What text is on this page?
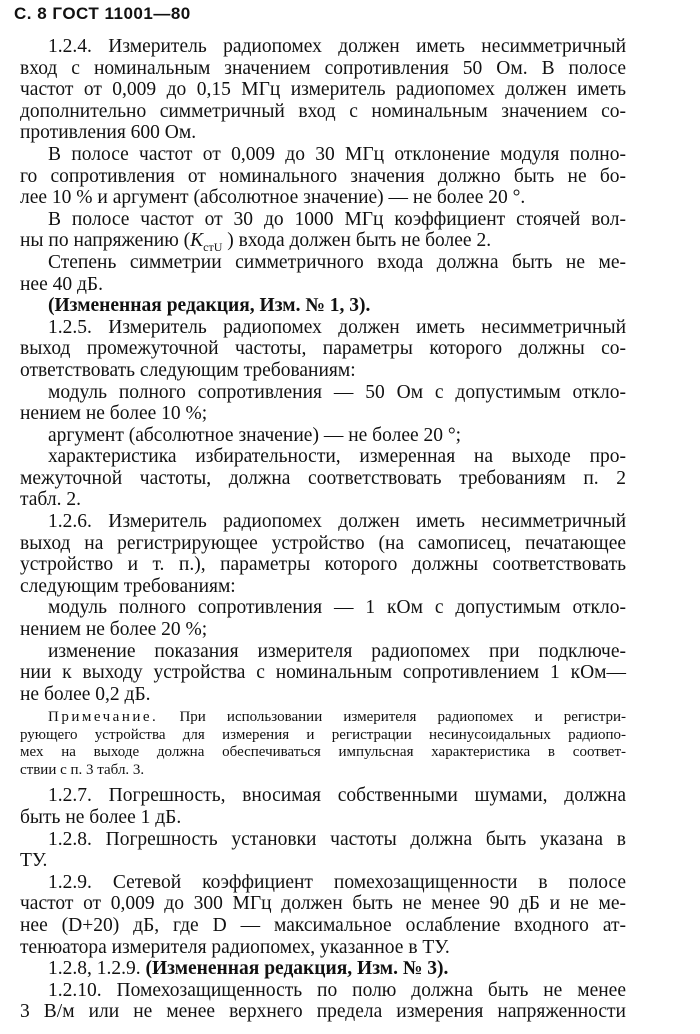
С. 8 ГОСТ 11001—80
1.2.4. Измеритель радиопомех должен иметь несимметричный
вход с номинальным значением сопротивления 50 Ом. В полосе
частот от 0,009 до 0,15 МГц измеритель радиопомех должен иметь
дополнительно симметричный вход с номинальным значением со-
противления 600 Ом.
В полосе частот от 0,009 до 30 МГц отклонение модуля полно-
го сопротивления от номинального значения должно быть не бо-
лее 10 % и аргумент (абсолютное значение) — не более 20 °.
В полосе частот от 30 до 1000 МГц коэффициент стоячей вол-
ны по напряжению ($K_{стU}$ ) входа должен быть не более 2.
Степень симметрии симметричного входа должна быть не ме-
нее 40 дБ.
(Измененная редакция, Изм. № 1, 3).
1.2.5. Измеритель радиопомех должен иметь несимметричный
выход промежуточной частоты, параметры которого должны со-
ответствовать следующим требованиям:
модуль полного сопротивления — 50 Ом с допустимым откло-
нением не более 10 %;
аргумент (абсолютное значение) — не более 20 °;
характеристика избирательности, измеренная на выходе про-
межуточной частоты, должна соответствовать требованиям п. 2
табл. 2.
1.2.6. Измеритель радиопомех должен иметь несимметричный
выход на регистрирующее устройство (на самописец, печатающее
устройство и т. п.), параметры которого должны соответствовать
следующим требованиям:
модуль полного сопротивления — 1 кОм с допустимым откло-
нением не более 20 %;
изменение показания измерителя радиопомех при подключе-
нии к выходу устройства с номинальным сопротивлением 1 кОм—
не более 0,2 дБ.
Примечание. При использовании измерителя радиопомех и регистри-
рующего устройства для измерения и регистрации несинусоидальных радиопо-
мех на выходе должна обеспечиваться импульсная характеристика в соответ-
ствии с п. 3 табл. 3.
1.2.7. Погрешность, вносимая собственными шумами, должна
быть не более 1 дБ.
1.2.8. Погрешность установки частоты должна быть указана в
ТУ.
1.2.9. Сетевой коэффициент помехозащищенности в полосе
частот от 0,009 до 300 МГц должен быть не менее 90 дБ и не ме-
нее (D+20) дБ, где D — максимальное ослабление входного ат-
тенюатора измерителя радиопомех, указанное в ТУ.
1.2.8, 1.2.9. (Измененная редакция, Изм. № 3).
1.2.10. Помехозащищенность по полю должна быть не менее
3 В/м или не менее верхнего предела измерения напряженности
